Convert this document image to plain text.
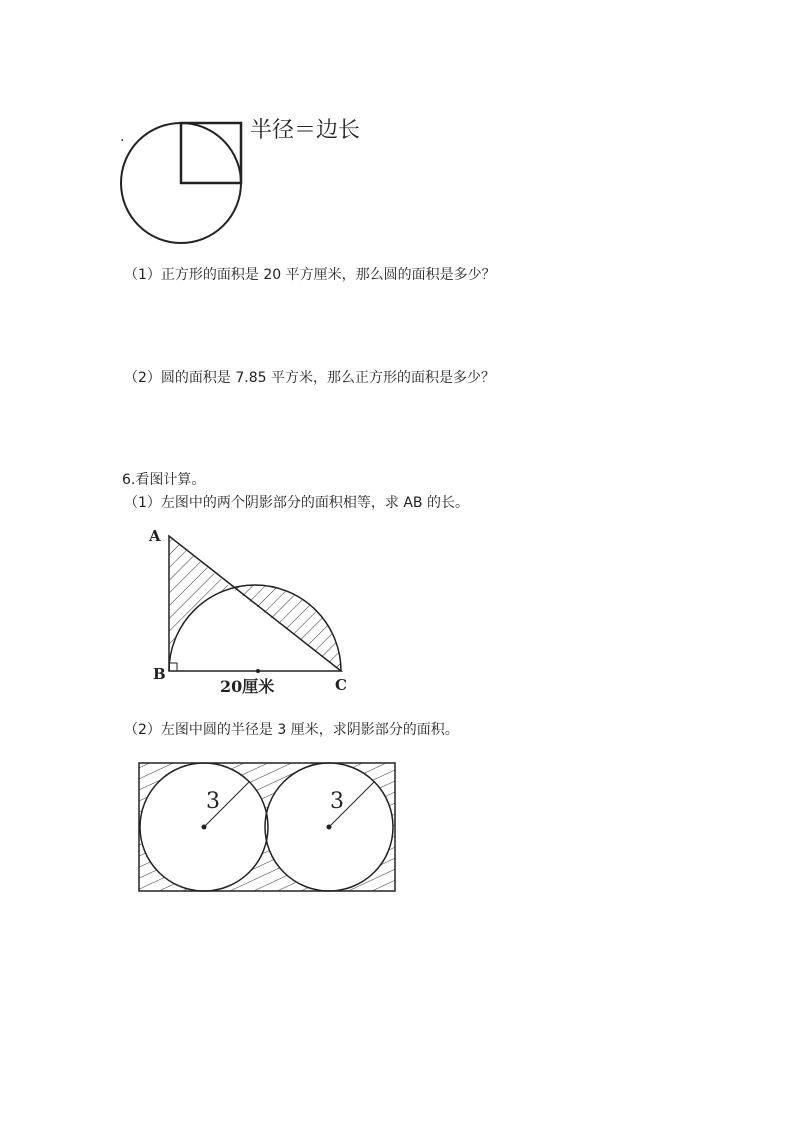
.	半径＝边长
（1）正方形的面积是 20 平方厘米，那么圆的面积是多少？
（2）圆的面积是 7.85 平方米，那么正方形的面积是多少？
6.看图计算。
（1）左图中的两个阴影部分的面积相等，求 AB 的长。
A
B
C
20厘米
（2）左图中圆的半径是 3 厘米，求阴影部分的面积。
3	3
